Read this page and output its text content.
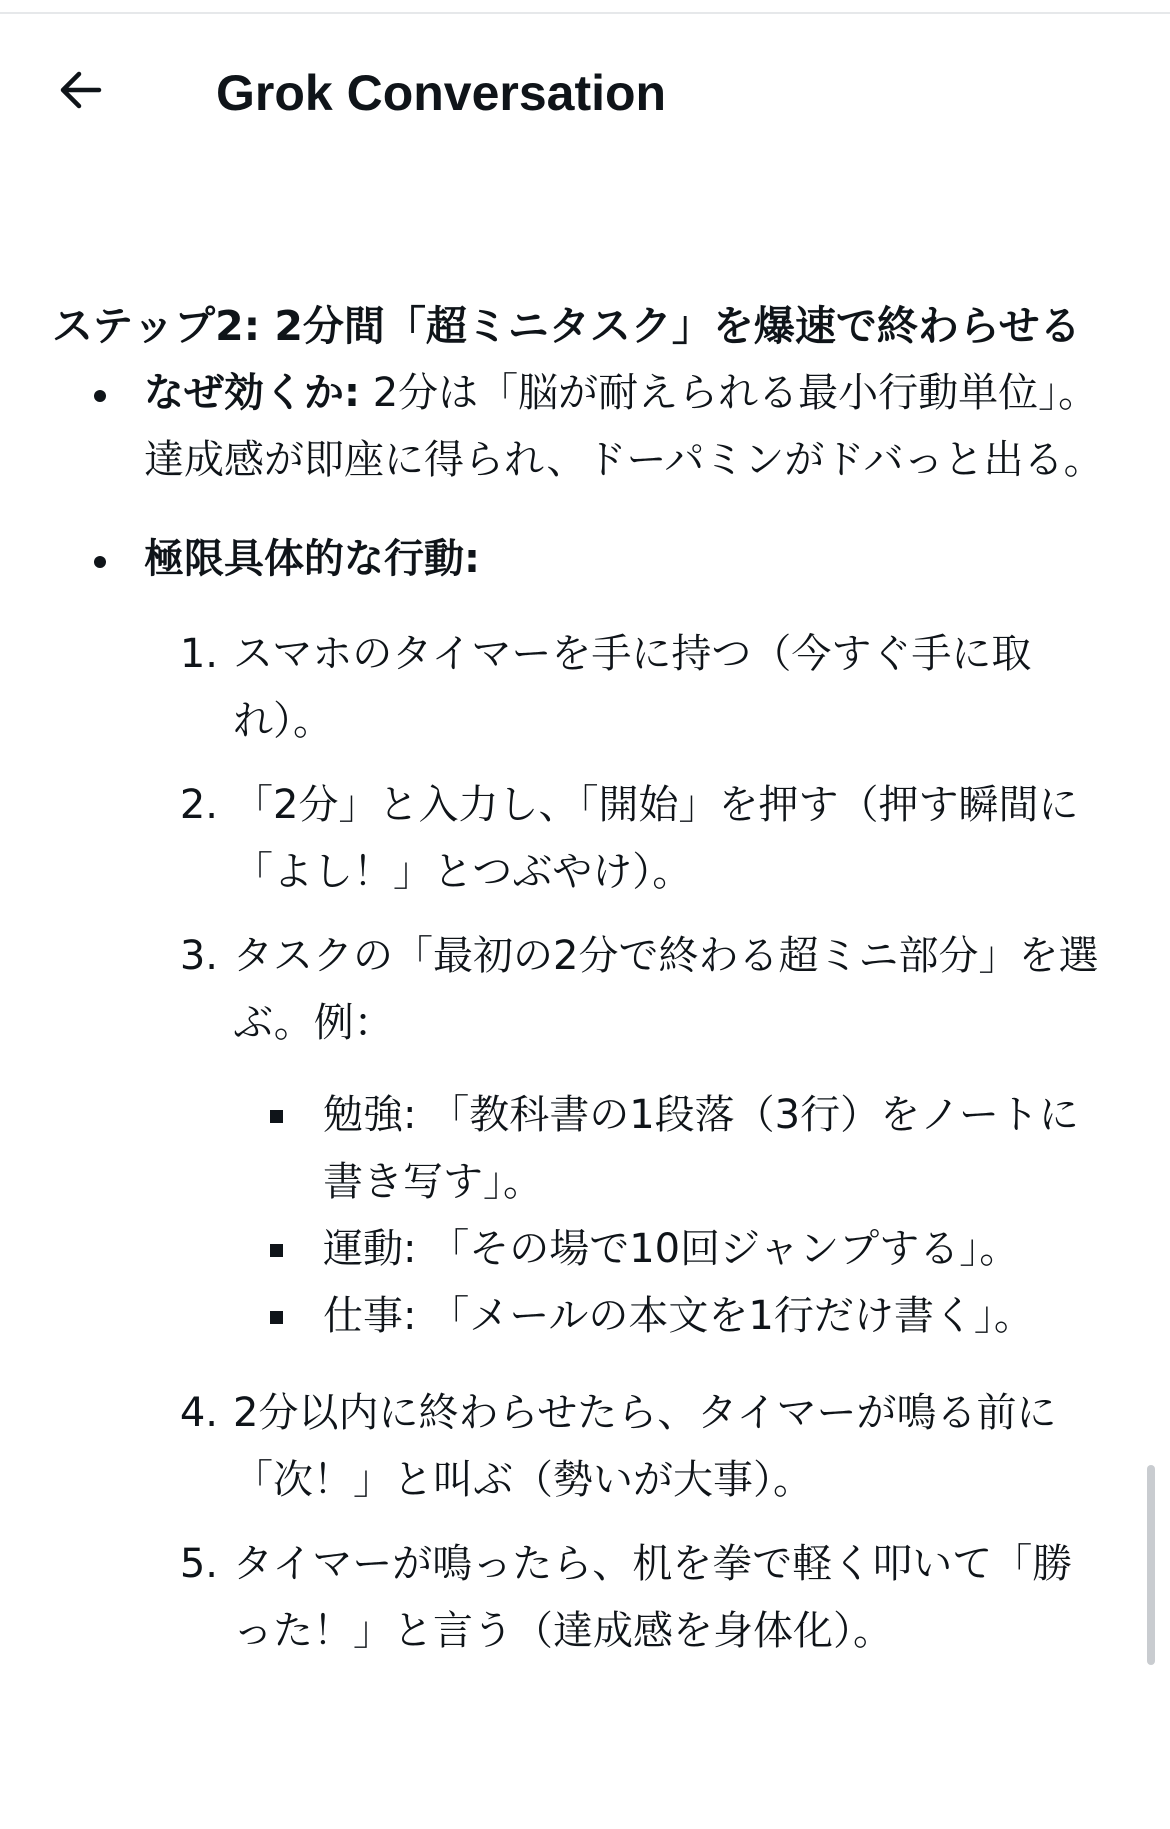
Grok Conversation
ステップ2: 2分間「超ミニタスク」を爆速で終わらせる
なぜ効くか: 2分は「脳が耐えられる最小行動単位」。達成感が即座に得られ、ドーパミンがドバっと出る。
極限具体的な行動:
1. スマホのタイマーを手に持つ（今すぐ手に取れ）。
2. 「2分」と入力し、「開始」を押す（押す瞬間に「よし！」とつぶやけ）。
3. タスクの「最初の2分で終わる超ミニ部分」を選ぶ。例：
勉強: 「教科書の1段落（3行）をノートに書き写す」。
運動: 「その場で10回ジャンプする」。
仕事: 「メールの本文を1行だけ書く」。
4. 2分以内に終わらせたら、タイマーが鳴る前に「次！」と叫ぶ（勢いが大事）。
5. タイマーが鳴ったら、机を拳で軽く叩いて「勝った！」と言う（達成感を身体化）。
